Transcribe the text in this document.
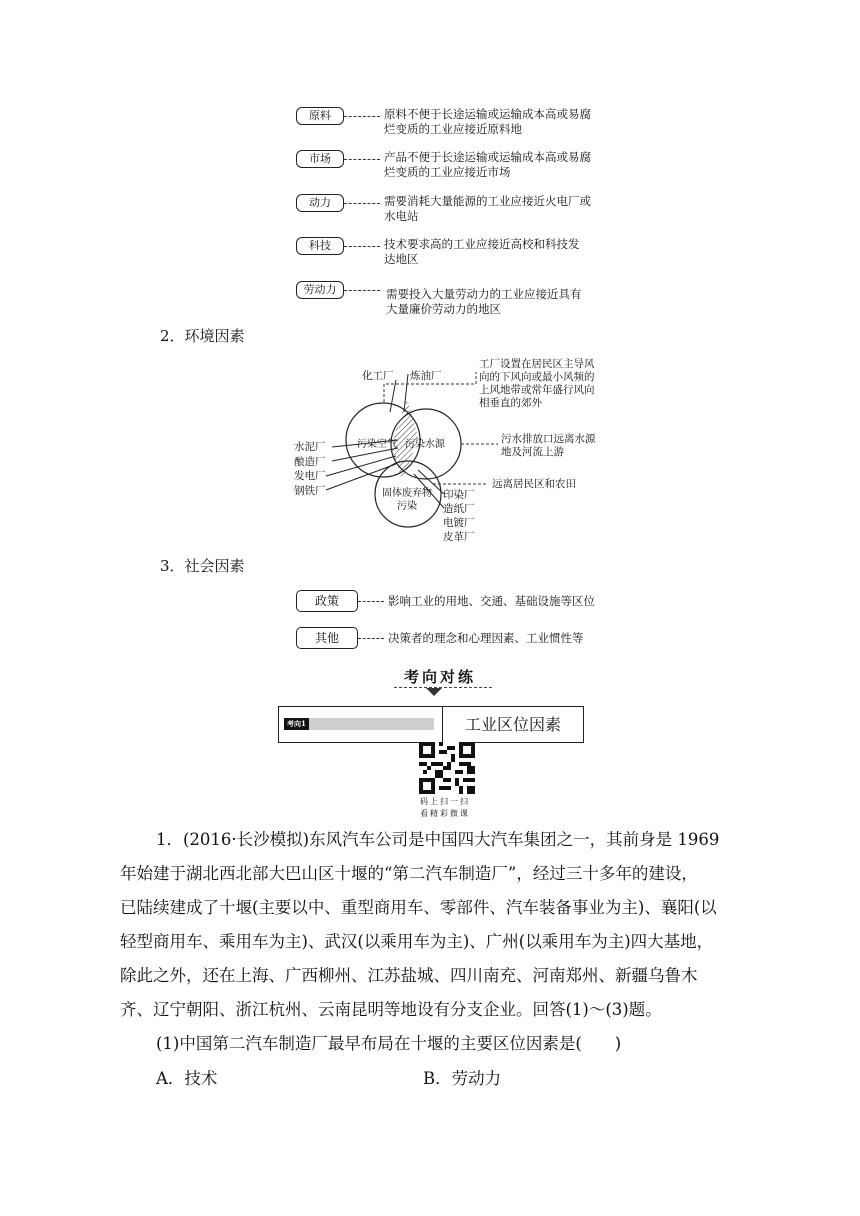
原料	原料不便于长途运输或运输成本高或易腐
烂变质的工业应接近原料地
市场	产品不便于长途运输或运输成本高或易腐
烂变质的工业应接近市场
动力	需要消耗大量能源的工业应接近火电厂或
水电站
科技	技术要求高的工业应接近高校和科技发
达地区
劳动力	需要投入大量劳动力的工业应接近具有
大量廉价劳动力的地区
2．环境因素
化工厂 炼油厂
工厂设置在居民区主导风
向的下风向或最小风频的
上风地带或常年盛行风向
相垂直的郊外
污染空气 污染水源	污水排放口远离水源
地及河流上游
水泥厂
酿造厂
发电厂
钢铁厂	固体废弃物
污染
远离居民区和农田
印染厂
造纸厂
电镀厂
皮革厂
3．社会因素
政策	影响工业的用地、交通、基础设施等区位
其他	决策者的理念和心理因素、工业惯性等
考向对练
考向1	工业区位因素
码上扫一扫
看精彩微课
1．(2016·长沙模拟)东风汽车公司是中国四大汽车集团之一，其前身是 1969
年始建于湖北西北部大巴山区十堰的“第二汽车制造厂”，经过三十多年的建设，
已陆续建成了十堰(主要以中、重型商用车、零部件、汽车装备事业为主)、襄阳(以
轻型商用车、乘用车为主)、武汉(以乘用车为主)、广州(以乘用车为主)四大基地，
除此之外，还在上海、广西柳州、江苏盐城、四川南充、河南郑州、新疆乌鲁木
齐、辽宁朝阳、浙江杭州、云南昆明等地设有分支企业。回答(1)～(3)题。
(1)中国第二汽车制造厂最早布局在十堰的主要区位因素是(　　)
A．技术	B．劳动力
